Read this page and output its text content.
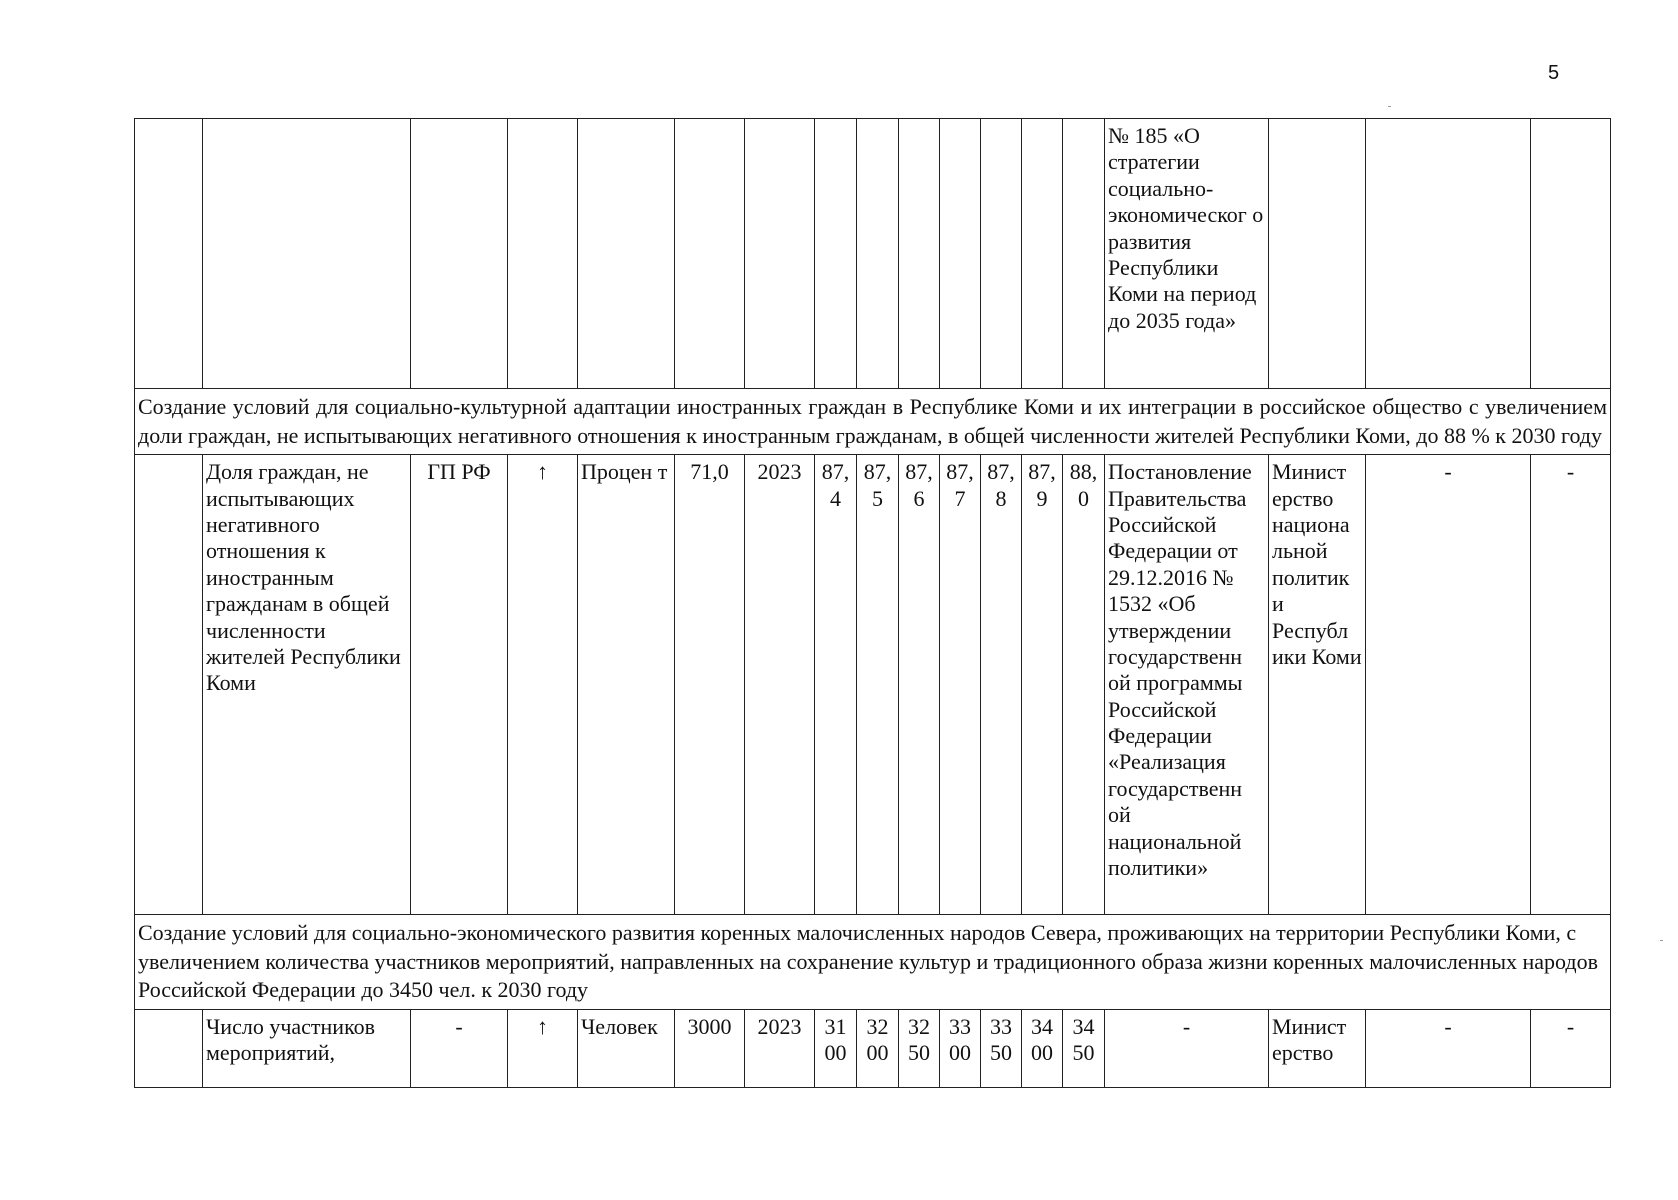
5
														№ 185 «О стратегии социально-экономическог о развития Республики Коми на период до 2035 года»			
Создание условий для социально-культурной адаптации иностранных граждан в Республике Коми и их интеграции в российское общество с увеличением доли граждан, не испытывающих негативного отношения к иностранным гражданам, в общей численности жителей Республики Коми, до 88 % к 2030 году																	
	Доля граждан, не испытывающих негативного отношения к иностранным гражданам в общей численности жителей Республики Коми	ГП РФ	↑	Процен т	71,0	2023	87, 4	87, 5	87, 6	87, 7	87, 8	87, 9	88, 0	Постановление Правительства Российской Федерации от 29.12.2016 № 1532 «Об утверждении государственн ой программы Российской Федерации «Реализация государственн ой национальной политики»	Минист ерство национа льной политик и Республ ики Коми	-	-
Создание условий для социально-экономического развития коренных малочисленных народов Севера, проживающих на территории Республики Коми, с увеличением количества участников мероприятий, направленных на сохранение культур и традиционного образа жизни коренных малочисленных народов Российской Федерации до 3450 чел. к 2030 году																	
	Число участников мероприятий,	-	↑	Человек	3000	2023	31 00	32 00	32 50	33 00	33 50	34 00	34 50	-	Минист ерство	-	-
